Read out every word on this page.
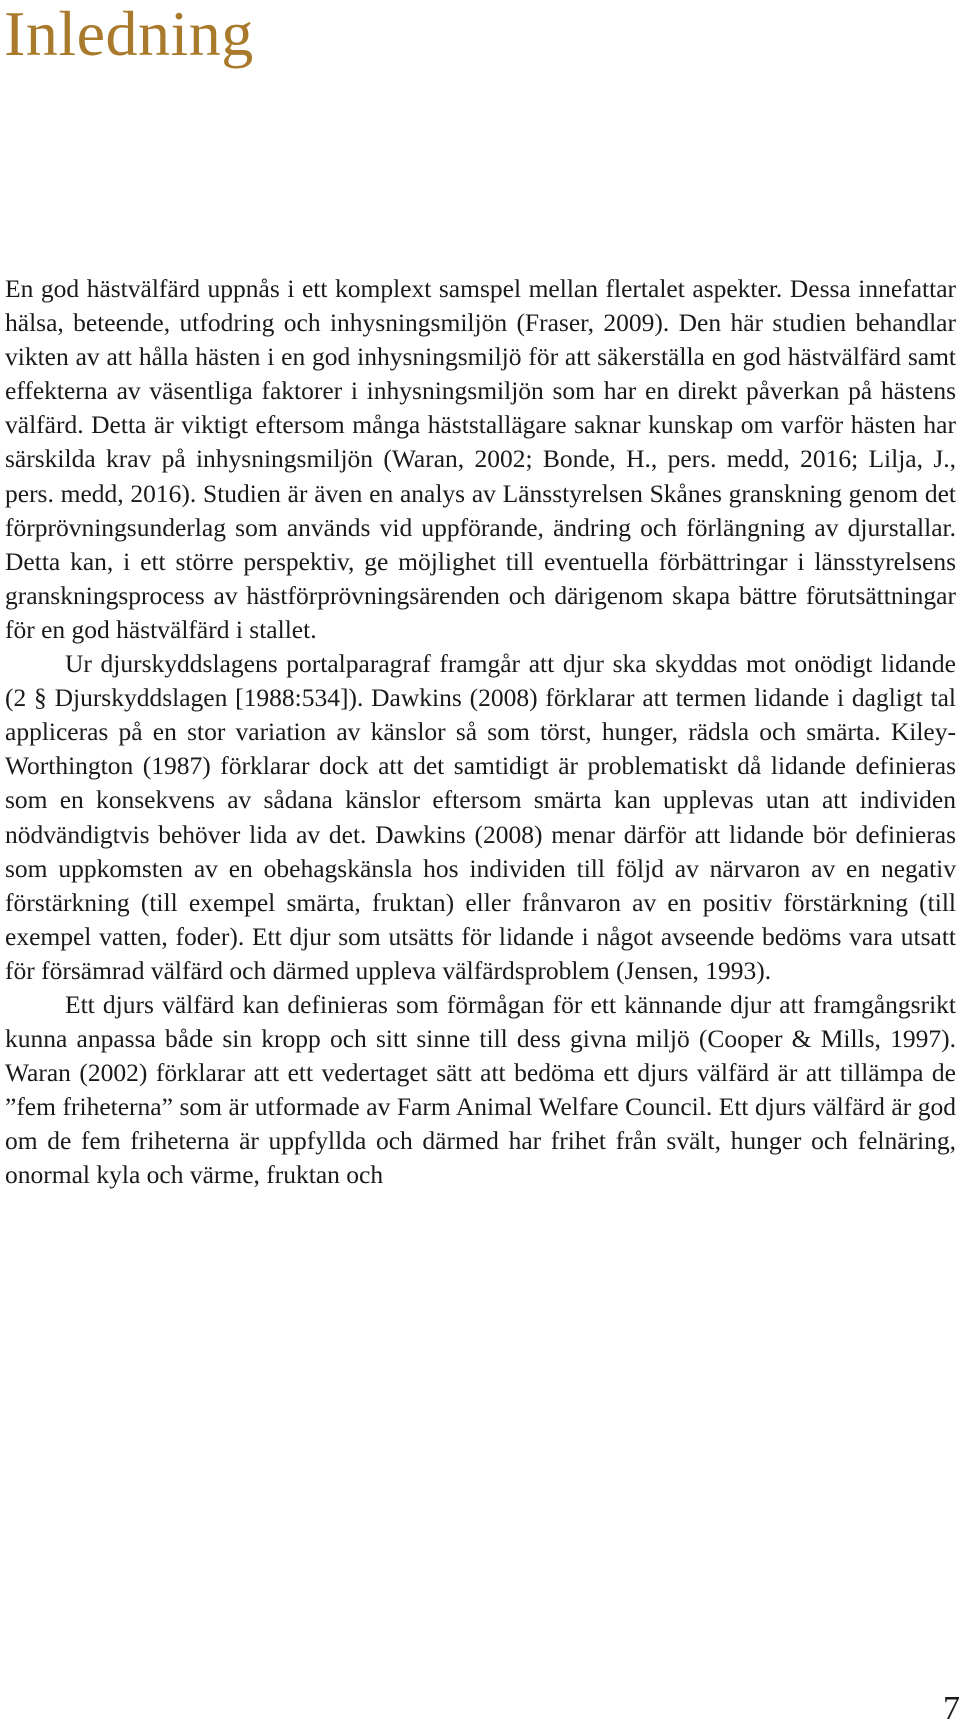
Inledning

En god hästvälfärd uppnås i ett komplext samspel mellan flertalet aspekter. Dessa innefattar hälsa, beteende, utfodring och inhysningsmiljön (Fraser, 2009). Den här studien behandlar vikten av att hålla hästen i en god inhysningsmiljö för att säkerställa en god hästvälfärd samt effekterna av väsentliga faktorer i inhysningsmiljön som har en direkt påverkan på hästens välfärd. Detta är viktigt eftersom många häststallägare saknar kunskap om varför hästen har särskilda krav på inhysningsmiljön (Waran, 2002; Bonde, H., pers. medd, 2016; Lilja, J., pers. medd, 2016). Studien är även en analys av Länsstyrelsen Skånes granskning genom det förprövningsunderlag som används vid uppförande, ändring och förlängning av djurstallar. Detta kan, i ett större perspektiv, ge möjlighet till eventuella förbättringar i länsstyrelsens granskningsprocess av hästförprövningsärenden och därigenom skapa bättre förutsättningar för en god hästvälfärd i stallet.

Ur djurskyddslagens portalparagraf framgår att djur ska skyddas mot onödigt lidande (2 § Djurskyddslagen [1988:534]). Dawkins (2008) förklarar att termen lidande i dagligt tal appliceras på en stor variation av känslor så som törst, hunger, rädsla och smärta. Kiley-Worthington (1987) förklarar dock att det samtidigt är problematiskt då lidande definieras som en konsekvens av sådana känslor eftersom smärta kan upplevas utan att individen nödvändigtvis behöver lida av det. Dawkins (2008) menar därför att lidande bör definieras som uppkomsten av en obehagskänsla hos individen till följd av närvaron av en negativ förstärkning (till exempel smärta, fruktan) eller frånvaron av en positiv förstärkning (till exempel vatten, foder). Ett djur som utsätts för lidande i något avseende bedöms vara utsatt för försämrad välfärd och därmed uppleva välfärdsproblem (Jensen, 1993).

Ett djurs välfärd kan definieras som förmågan för ett kännande djur att framgångsrikt kunna anpassa både sin kropp och sitt sinne till dess givna miljö (Cooper & Mills, 1997). Waran (2002) förklarar att ett vedertaget sätt att bedöma ett djurs välfärd är att tillämpa de ”fem friheterna” som är utformade av Farm Animal Welfare Council. Ett djurs välfärd är god om de fem friheterna är uppfyllda och därmed har frihet från svält, hunger och felnäring, onormal kyla och värme, fruktan och

7
